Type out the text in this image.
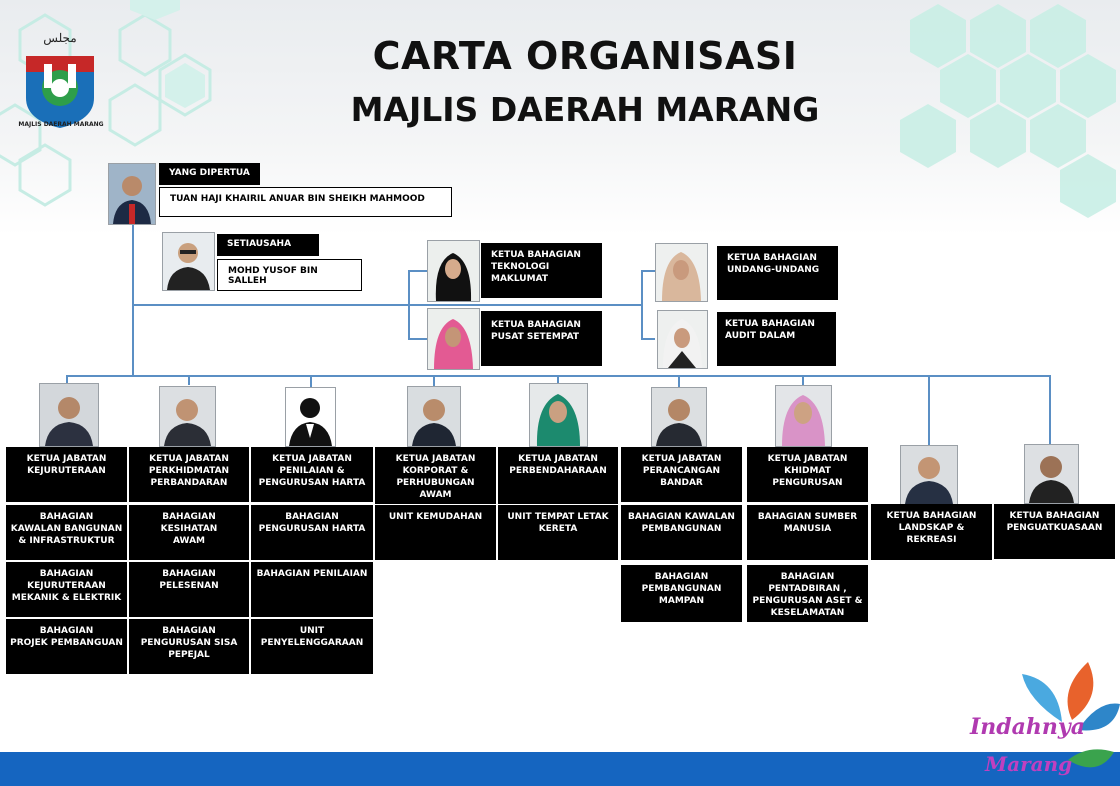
ﻣﺠﻠﺲ
MAJLIS DAERAH MARANG
CARTA ORGANISASI
MAJLIS DAERAH MARANG
YANG DIPERTUA
TUAN HAJI KHAIRIL ANUAR BIN SHEIKH MAHMOOD
SETIAUSAHA
MOHD YUSOF BIN SALLEH
KETUA BAHAGIAN
TEKNOLOGI
MAKLUMAT
KETUA BAHAGIAN
PUSAT SETEMPAT
KETUA BAHAGIAN
UNDANG-UNDANG
KETUA BAHAGIAN
AUDIT DALAM
KETUA JABATAN
KEJURUTERAAN
KETUA JABATAN
PERKHIDMATAN
PERBANDARAN
KETUA JABATAN
PENILAIAN &
PENGURUSAN HARTA
KETUA JABATAN
KORPORAT &
PERHUBUNGAN AWAM
KETUA JABATAN
PERBENDAHARAAN
KETUA JABATAN
PERANCANGAN
BANDAR
KETUA JABATAN
KHIDMAT
PENGURUSAN
KETUA BAHAGIAN
LANDSKAP &
REKREASI
KETUA BAHAGIAN
PENGUATKUASAAN
BAHAGIAN
KAWALAN BANGUNAN
& INFRASTRUKTUR
BAHAGIAN
KEJURUTERAAN
MEKANIK & ELEKTRIK
BAHAGIAN
PROJEK PEMBANGUAN
BAHAGIAN KESIHATAN
AWAM
BAHAGIAN PELESENAN
BAHAGIAN
PENGURUSAN SISA
PEPEJAL
BAHAGIAN
PENGURUSAN HARTA
BAHAGIAN PENILAIAN
UNIT
PENYELENGGARAAN
UNIT KEMUDAHAN	UNIT TEMPAT LETAK
KERETA
BAHAGIAN KAWALAN
PEMBANGUNAN
BAHAGIAN
PEMBANGUNAN
MAMPAN
BAHAGIAN SUMBER
MANUSIA
BAHAGIAN
PENTADBIRAN ,
PENGURUSAN ASET &
KESELAMATAN
Indahnya
Marang
